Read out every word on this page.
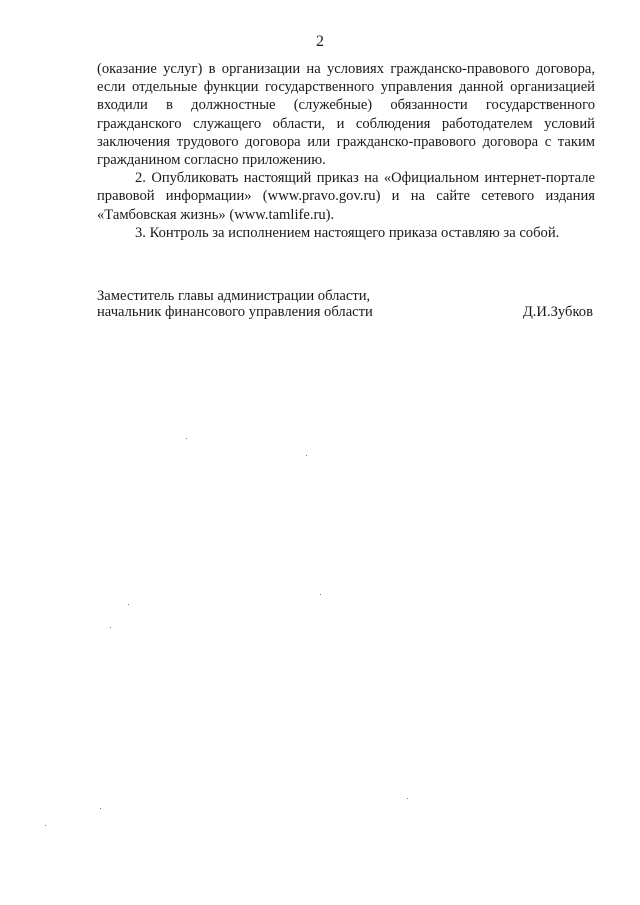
2

(оказание услуг) в организации на условиях гражданско-правового договора, если отдельные функции государственного управления данной организацией входили в должностные (служебные) обязанности государственного гражданского служащего области, и соблюдения работодателем условий заключения трудового договора или гражданско-правового договора с таким гражданином согласно приложению.

2. Опубликовать настоящий приказ на «Официальном интернет-портале правовой информации» (www.pravo.gov.ru) и на сайте сетевого издания «Тамбовская жизнь» (www.tamlife.ru).

3. Контроль за исполнением настоящего приказа оставляю за собой.

Заместитель главы администрации области,
начальник финансового управления области	Д.И.Зубков
